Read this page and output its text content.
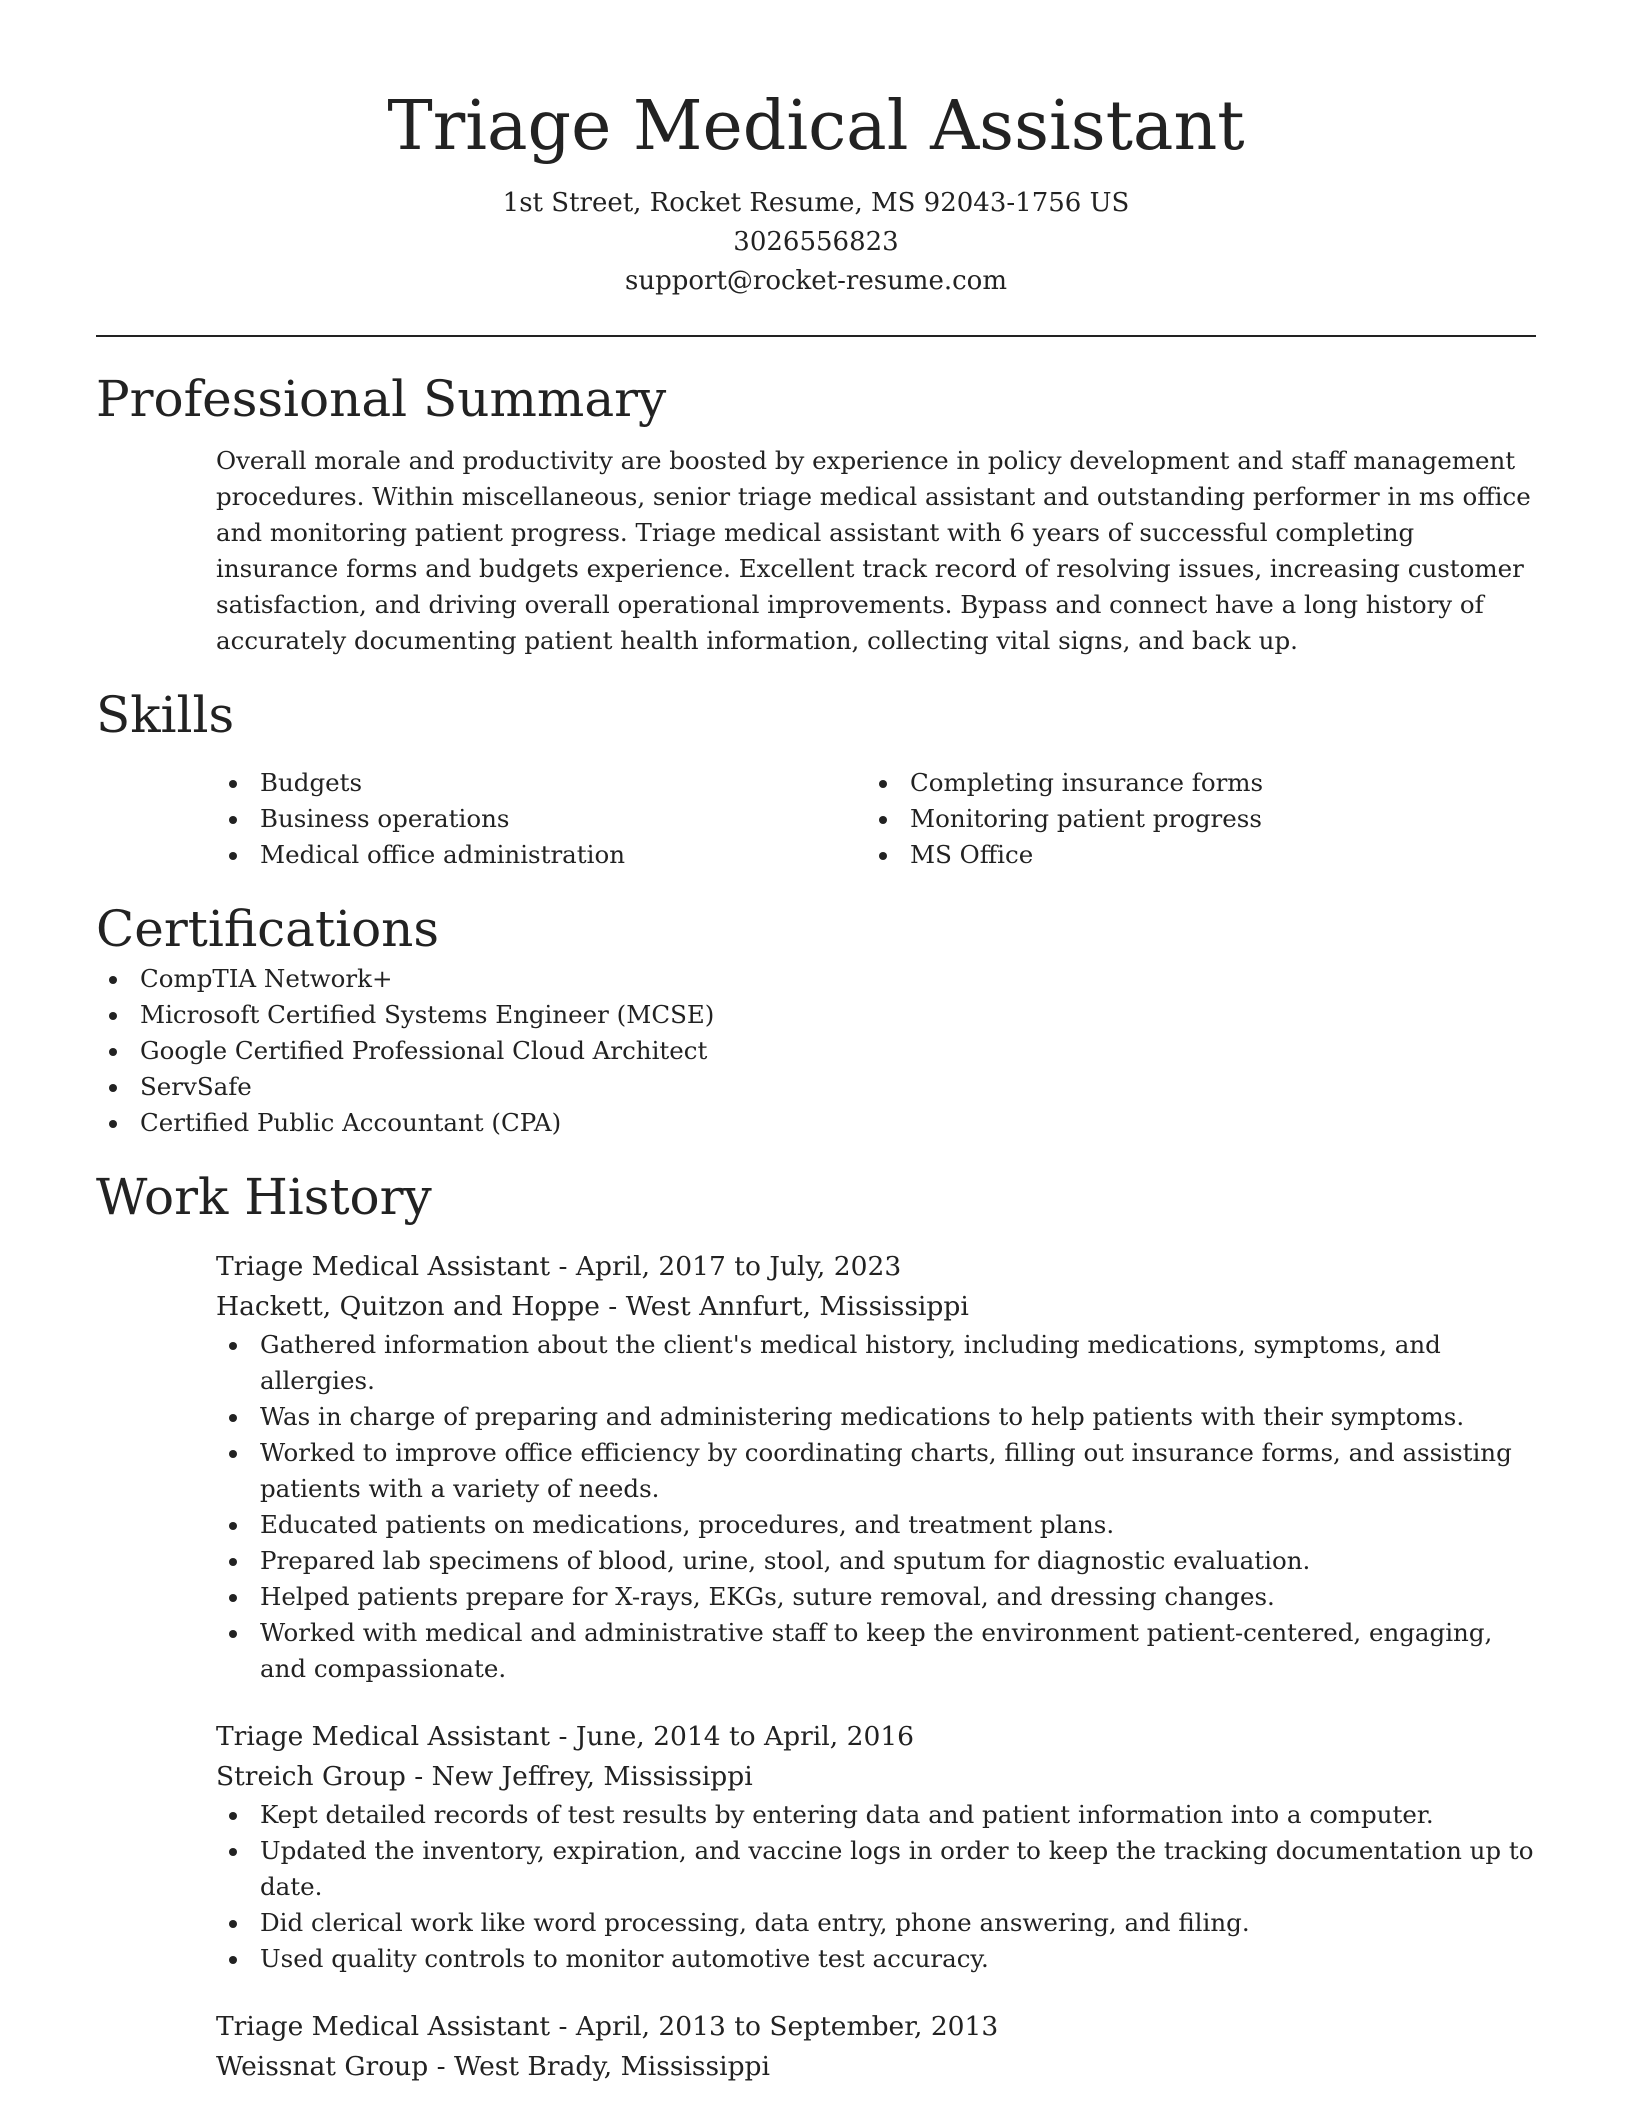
Triage Medical Assistant
1st Street, Rocket Resume, MS 92043-1756 US
3026556823
support@rocket-resume.com
Professional Summary

Overall morale and productivity are boosted by experience in policy development and staff management procedures. Within miscellaneous, senior triage medical assistant and outstanding performer in ms office and monitoring patient progress. Triage medical assistant with 6 years of successful completing insurance forms and budgets experience. Excellent track record of resolving issues, increasing customer satisfaction, and driving overall operational improvements. Bypass and connect have a long history of accurately documenting patient health information, collecting vital signs, and back up.

Skills
Budgets
Business operations
Medical office administration
Completing insurance forms
Monitoring patient progress
MS Office
Certifications
CompTIA Network+
Microsoft Certified Systems Engineer (MCSE)
Google Certified Professional Cloud Architect
ServSafe
Certified Public Accountant (CPA)
Work History
Triage Medical Assistant - April, 2017 to July, 2023
Hackett, Quitzon and Hoppe - West Annfurt, Mississippi
Gathered information about the client's medical history, including medications, symptoms, and allergies.
Was in charge of preparing and administering medications to help patients with their symptoms.
Worked to improve office efficiency by coordinating charts, filling out insurance forms, and assisting patients with a variety of needs.
Educated patients on medications, procedures, and treatment plans.
Prepared lab specimens of blood, urine, stool, and sputum for diagnostic evaluation.
Helped patients prepare for X-rays, EKGs, suture removal, and dressing changes.
Worked with medical and administrative staff to keep the environment patient-centered, engaging, and compassionate.
Triage Medical Assistant - June, 2014 to April, 2016
Streich Group - New Jeffrey, Mississippi
Kept detailed records of test results by entering data and patient information into a computer.
Updated the inventory, expiration, and vaccine logs in order to keep the tracking documentation up to date.
Did clerical work like word processing, data entry, phone answering, and filing.
Used quality controls to monitor automotive test accuracy.
Triage Medical Assistant - April, 2013 to September, 2013
Weissnat Group - West Brady, Mississippi
